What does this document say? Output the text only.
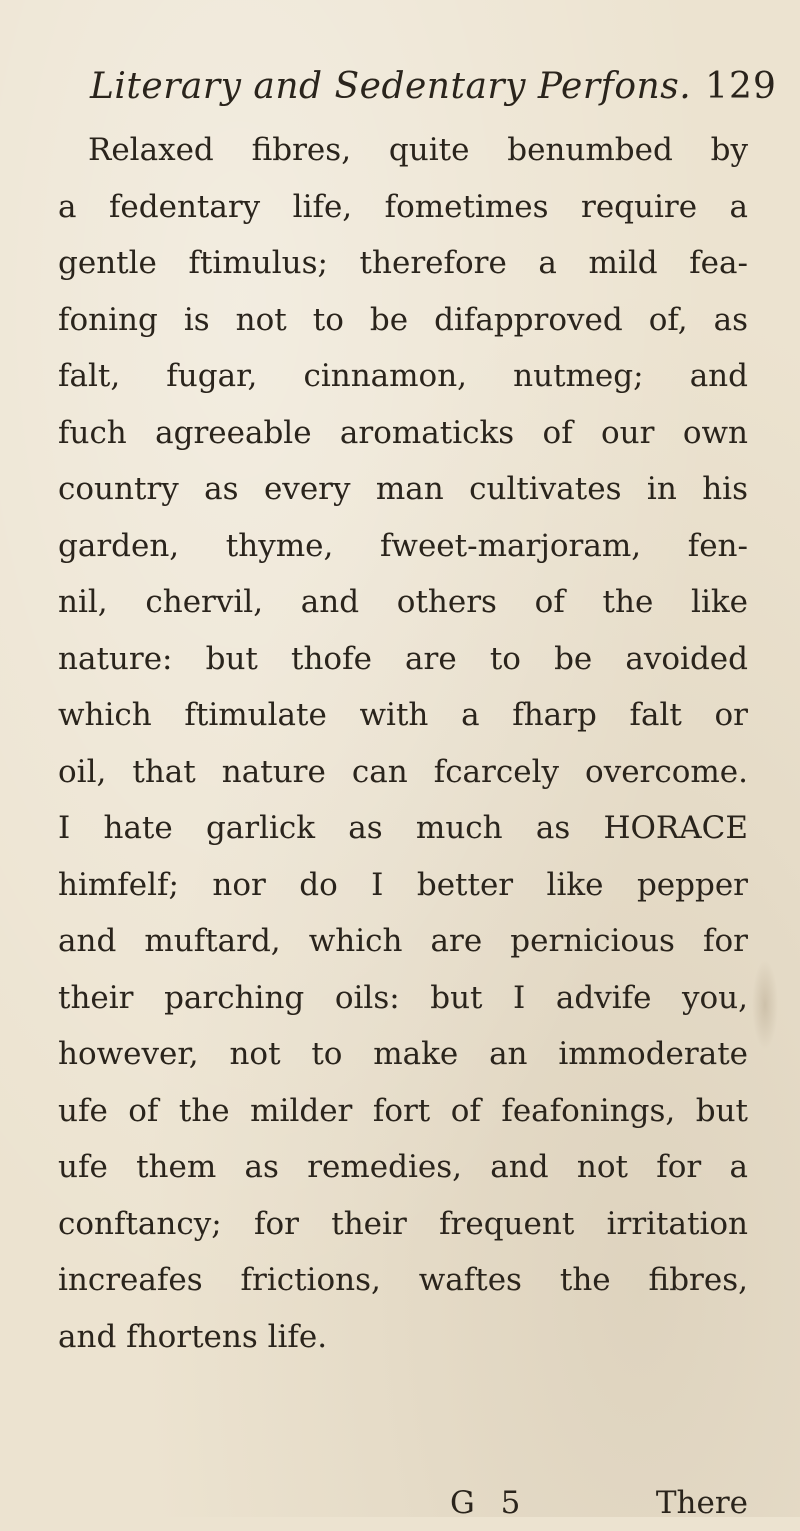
Literary and Sedentary Perfons. 129
Relaxed fibres, quite benumbed by
a fedentary life, fometimes require a
gentle ftimulus; therefore a mild fea-
foning is not to be difapproved of, as
falt, fugar, cinnamon, nutmeg; and
fuch agreeable aromaticks of our own
country as every man cultivates in his
garden, thyme, fweet-marjoram, fen-
nil, chervil, and others of the like
nature: but thofe are to be avoided
which ftimulate with a fharp falt or
oil, that nature can fcarcely overcome.
I hate garlick as much as HORACE
himfelf; nor do I better like pepper
and muftard, which are pernicious for
their parching oils: but I advife you,
however, not to make an immoderate
ufe of the milder fort of feafonings, but
ufe them as remedies, and not for a
conftancy; for their frequent irritation
increafes frictions, waftes the fibres,
and fhortens life.
G 5	There
